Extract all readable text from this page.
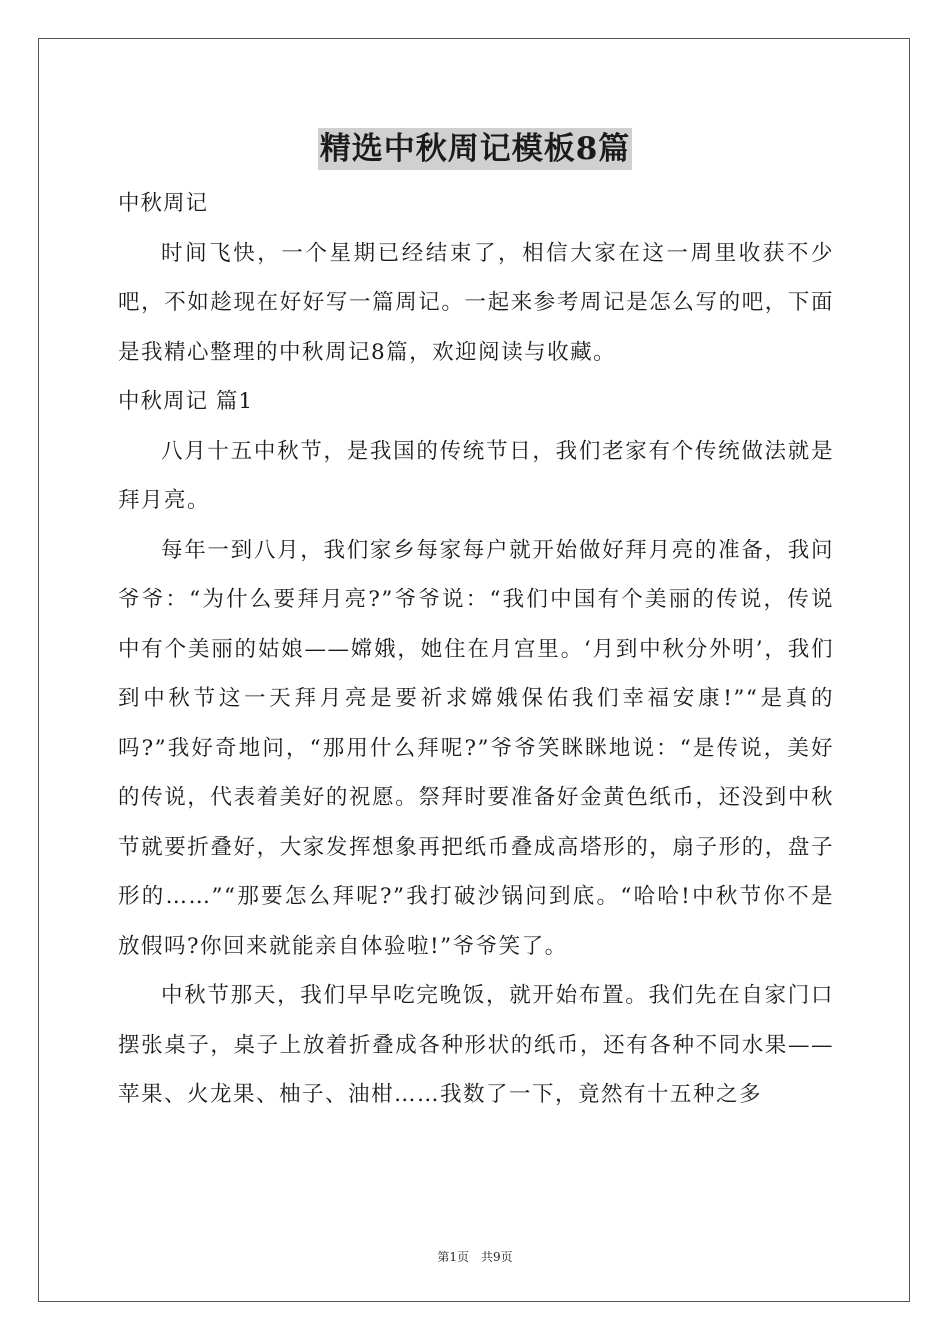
精选中秋周记模板8篇

中秋周记

时间飞快，一个星期已经结束了，相信大家在这一周里收获不少吧，不如趁现在好好写一篇周记。一起来参考周记是怎么写的吧，下面是我精心整理的中秋周记8篇，欢迎阅读与收藏。

中秋周记 篇1

八月十五中秋节，是我国的传统节日，我们老家有个传统做法就是拜月亮。

每年一到八月，我们家乡每家每户就开始做好拜月亮的准备，我问爷爷：“为什么要拜月亮?”爷爷说：“我们中国有个美丽的传说，传说中有个美丽的姑娘——嫦娥，她住在月宫里。‘月到中秋分外明’，我们到中秋节这一天拜月亮是要祈求嫦娥保佑我们幸福安康!”“是真的吗?”我好奇地问，“那用什么拜呢?”爷爷笑眯眯地说：“是传说，美好的传说，代表着美好的祝愿。祭拜时要准备好金黄色纸币，还没到中秋节就要折叠好，大家发挥想象再把纸币叠成高塔形的，扇子形的，盘子形的……”“那要怎么拜呢?”我打破沙锅问到底。“哈哈!中秋节你不是放假吗?你回来就能亲自体验啦!”爷爷笑了。

中秋节那天，我们早早吃完晚饭，就开始布置。我们先在自家门口摆张桌子，桌子上放着折叠成各种形状的纸币，还有各种不同水果——苹果、火龙果、柚子、油柑……我数了一下，竟然有十五种之多

第1页　共9页
